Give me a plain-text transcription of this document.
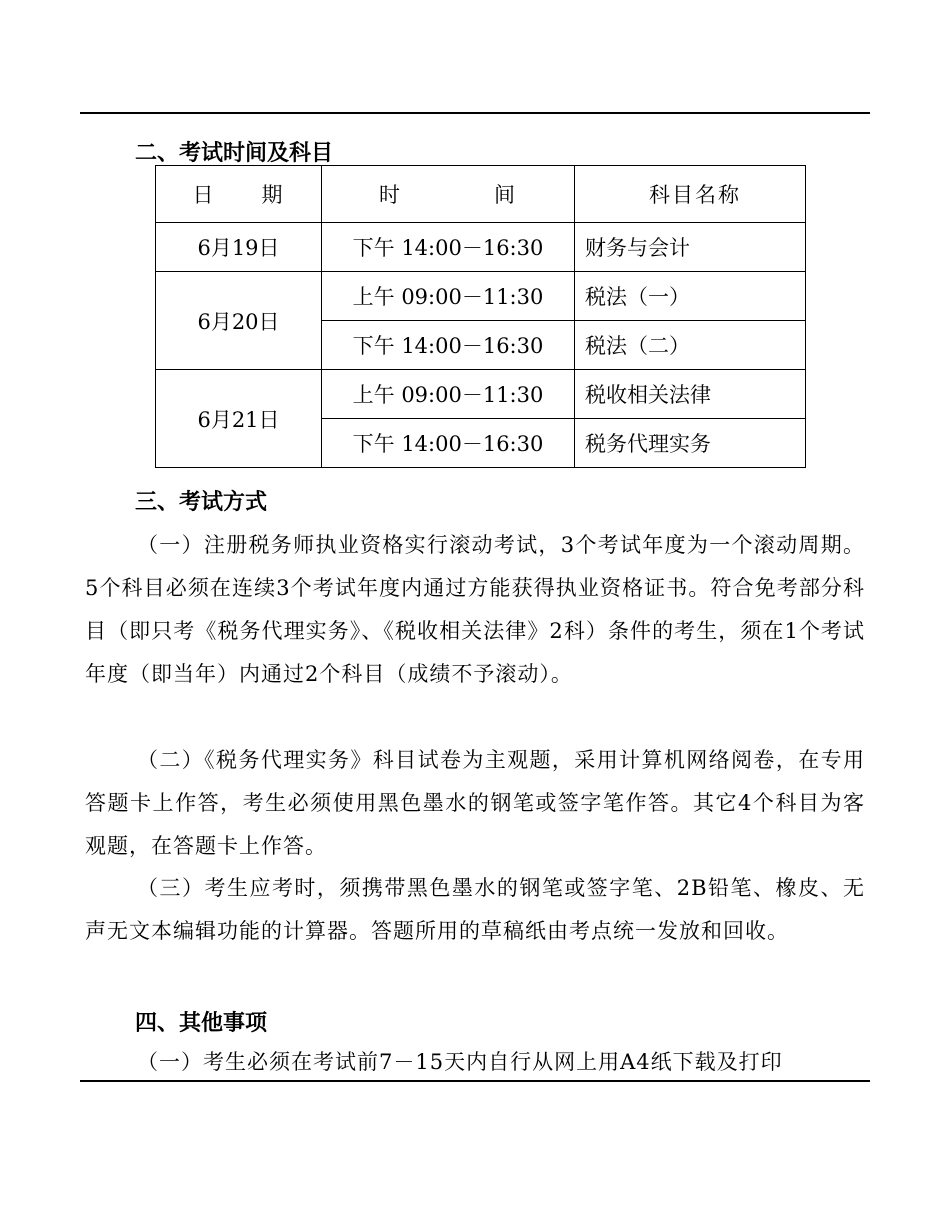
二、考试时间及科目
日　　期	时　　　　间	科目名称
6月19日	下午 14:00－16:30	财务与会计
6月20日	上午 09:00－11:30	税法（一）
	下午 14:00－16:30	税法（二）
6月21日	上午 09:00－11:30	税收相关法律
	下午 14:00－16:30	税务代理实务
三、考试方式
（一）注册税务师执业资格实行滚动考试，3个考试年度为一个滚动周期。5个科目必须在连续3个考试年度内通过方能获得执业资格证书。符合免考部分科目（即只考《税务代理实务》、《税收相关法律》2科）条件的考生，须在1个考试年度（即当年）内通过2个科目（成绩不予滚动）。
（二）《税务代理实务》科目试卷为主观题，采用计算机网络阅卷，在专用答题卡上作答，考生必须使用黑色墨水的钢笔或签字笔作答。其它4个科目为客观题，在答题卡上作答。
（三）考生应考时，须携带黑色墨水的钢笔或签字笔、2B铅笔、橡皮、无声无文本编辑功能的计算器。答题所用的草稿纸由考点统一发放和回收。
四、其他事项
（一）考生必须在考试前7－15天内自行从网上用A4纸下载及打印
